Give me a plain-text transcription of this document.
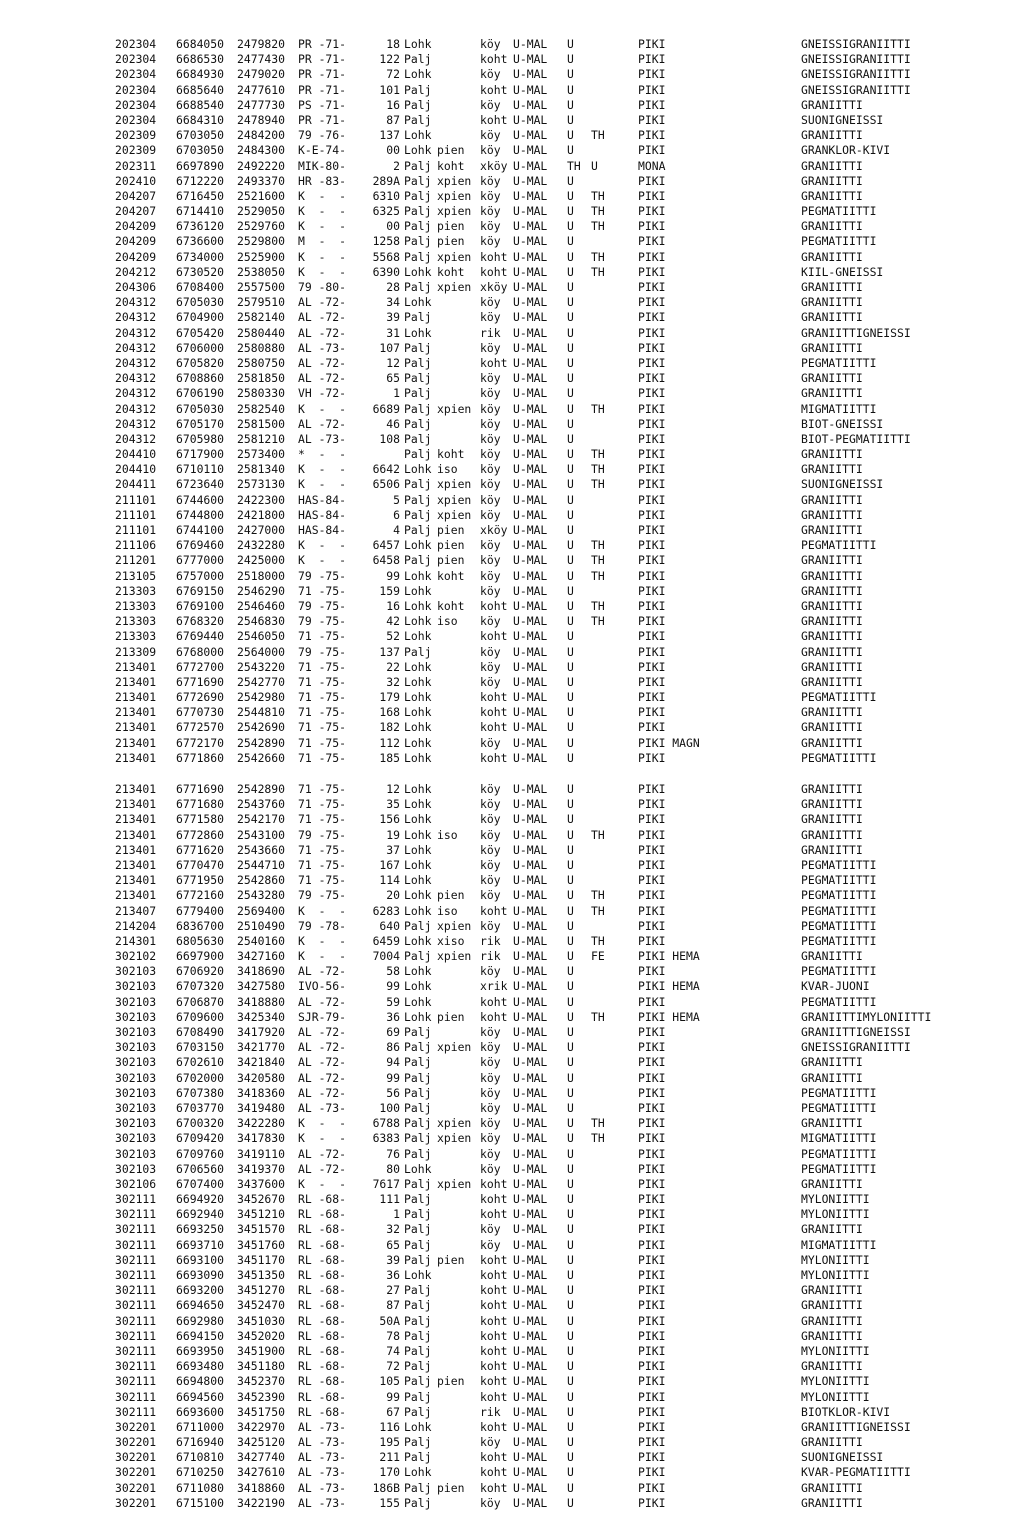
202304 6684050 2479820 PR -71-	18 Lohk	köy U-MAL U	PIKI	GNEISSIGRANIITTI
202304 6686530 2477430 PR -71-	122 Palj	koht U-MAL U	PIKI	GNEISSIGRANIITTI
202304 6684930 2479020 PR -71-	72 Lohk	köy U-MAL U	PIKI	GNEISSIGRANIITTI
202304 6685640 2477610 PR -71-	101 Palj	koht U-MAL U	PIKI	GNEISSIGRANIITTI
202304 6688540 2477730 PS -71-	16 Palj	köy U-MAL U	PIKI	GRANIITTI
202304 6684310 2478940 PR -71-	87 Palj	koht U-MAL U	PIKI	SUONIGNEISSI
202309 6703050 2484200 79 -76-	137 Lohk	köy U-MAL U TH	PIKI	GRANIITTI
202309 6703050 2484300 K-E-74-	00 Lohk pien köy U-MAL U	PIKI	GRANKLOR-KIVI
202311 6697890 2492220 MIK-80-	2 Palj koht xköy U-MAL TH U	MONA	GRANIITTI
202410 6712220 2493370 HR -83-	289A Palj xpien köy U-MAL U	PIKI	GRANIITTI
204207 6716450 2521600 K  -  -	6310 Palj xpien köy U-MAL U TH	PIKI	GRANIITTI
204207 6714410 2529050 K  -  -	6325 Palj xpien köy U-MAL U TH	PIKI	PEGMATIITTI
204209 6736120 2529760 K  -  -	00 Palj pien köy U-MAL U TH	PIKI	GRANIITTI
204209 6736600 2529800 M  -  -	1258 Palj pien köy U-MAL U	PIKI	PEGMATIITTI
204209 6734000 2525900 K  -  -	5568 Palj xpien koht U-MAL U TH	PIKI	GRANIITTI
204212 6730520 2538050 K  -  -	6390 Lohk koht koht U-MAL U TH	PIKI	KIIL-GNEISSI
204306 6708400 2557500 79 -80-	28 Palj xpien xköy U-MAL U	PIKI	GRANIITTI
204312 6705030 2579510 AL -72-	34 Lohk	köy U-MAL U	PIKI	GRANIITTI
204312 6704900 2582140 AL -72-	39 Palj	köy U-MAL U	PIKI	GRANIITTI
204312 6705420 2580440 AL -72-	31 Lohk	rik U-MAL U	PIKI	GRANIITTIGNEISSI
204312 6706000 2580880 AL -73-	107 Palj	köy U-MAL U	PIKI	GRANIITTI
204312 6705820 2580750 AL -72-	12 Palj	koht U-MAL U	PIKI	PEGMATIITTI
204312 6708860 2581850 AL -72-	65 Palj	köy U-MAL U	PIKI	GRANIITTI
204312 6706190 2580330 VH -72-	1 Palj	köy U-MAL U	PIKI	GRANIITTI
204312 6705030 2582540 K  -  -	6689 Palj xpien köy U-MAL U TH	PIKI	MIGMATIITTI
204312 6705170 2581500 AL -72-	46 Palj	köy U-MAL U	PIKI	BIOT-GNEISSI
204312 6705980 2581210 AL -73-	108 Palj	köy U-MAL U	PIKI	BIOT-PEGMATIITTI
204410 6717900 2573400 *  -  -	Palj koht köy U-MAL U TH	PIKI	GRANIITTI
204410 6710110 2581340 K  -  -	6642 Lohk iso köy U-MAL U TH	PIKI	GRANIITTI
204411 6723640 2573130 K  -  -	6506 Palj xpien köy U-MAL U TH	PIKI	SUONIGNEISSI
211101 6744600 2422300 HAS-84-	5 Palj xpien köy U-MAL U	PIKI	GRANIITTI
211101 6744800 2421800 HAS-84-	6 Palj xpien köy U-MAL U	PIKI	GRANIITTI
211101 6744100 2427000 HAS-84-	4 Palj pien xköy U-MAL U	PIKI	GRANIITTI
211106 6769460 2432280 K  -  -	6457 Lohk pien köy U-MAL U TH	PIKI	PEGMATIITTI
211201 6777000 2425000 K  -  -	6458 Palj pien köy U-MAL U TH	PIKI	GRANIITTI
213105 6757000 2518000 79 -75-	99 Lohk koht köy U-MAL U TH	PIKI	GRANIITTI
213303 6769150 2546290 71 -75-	159 Lohk	köy U-MAL U	PIKI	GRANIITTI
213303 6769100 2546460 79 -75-	16 Lohk koht koht U-MAL U TH	PIKI	GRANIITTI
213303 6768320 2546830 79 -75-	42 Lohk iso köy U-MAL U TH	PIKI	GRANIITTI
213303 6769440 2546050 71 -75-	52 Lohk	koht U-MAL U	PIKI	GRANIITTI
213309 6768000 2564000 79 -75-	137 Palj	köy U-MAL U	PIKI	GRANIITTI
213401 6772700 2543220 71 -75-	22 Lohk	köy U-MAL U	PIKI	GRANIITTI
213401 6771690 2542770 71 -75-	32 Lohk	köy U-MAL U	PIKI	GRANIITTI
213401 6772690 2542980 71 -75-	179 Lohk	koht U-MAL U	PIKI	PEGMATIITTI
213401 6770730 2544810 71 -75-	168 Lohk	koht U-MAL U	PIKI	GRANIITTI
213401 6772570 2542690 71 -75-	182 Lohk	koht U-MAL U	PIKI	GRANIITTI
213401 6772170 2542890 71 -75-	112 Lohk	köy U-MAL U	PIKI MAGN	GRANIITTI
213401 6771860 2542660 71 -75-	185 Lohk	koht U-MAL U	PIKI	PEGMATIITTI
213401 6771690 2542890 71 -75-	12 Lohk	köy U-MAL U	PIKI	GRANIITTI
213401 6771680 2543760 71 -75-	35 Lohk	köy U-MAL U	PIKI	GRANIITTI
213401 6771580 2542170 71 -75-	156 Lohk	köy U-MAL U	PIKI	GRANIITTI
213401 6772860 2543100 79 -75-	19 Lohk iso köy U-MAL U TH	PIKI	GRANIITTI
213401 6771620 2543660 71 -75-	37 Lohk	köy U-MAL U	PIKI	GRANIITTI
213401 6770470 2544710 71 -75-	167 Lohk	köy U-MAL U	PIKI	PEGMATIITTI
213401 6771950 2542860 71 -75-	114 Lohk	köy U-MAL U	PIKI	PEGMATIITTI
213401 6772160 2543280 79 -75-	20 Lohk pien köy U-MAL U TH	PIKI	PEGMATIITTI
213407 6779400 2569400 K  -  -	6283 Lohk iso koht U-MAL U TH	PIKI	PEGMATIITTI
214204 6836700 2510490 79 -78-	640 Palj xpien köy U-MAL U	PIKI	PEGMATIITTI
214301 6805630 2540160 K  -  -	6459 Lohk xiso rik U-MAL U TH	PIKI	PEGMATIITTI
302102 6697900 3427160 K  -  -	7004 Palj xpien rik U-MAL U FE	PIKI HEMA	GRANIITTI
302103 6706920 3418690 AL -72-	58 Lohk	köy U-MAL U	PIKI	PEGMATIITTI
302103 6707320 3427580 IVO-56-	99 Lohk	xrik U-MAL U	PIKI HEMA	KVAR-JUONI
302103 6706870 3418880 AL -72-	59 Lohk	koht U-MAL U	PIKI	PEGMATIITTI
302103 6709600 3425340 SJR-79-	36 Lohk pien koht U-MAL U TH	PIKI HEMA	GRANIITTIMYLONIITTI
302103 6708490 3417920 AL -72-	69 Palj	köy U-MAL U	PIKI	GRANIITTIGNEISSI
302103 6703150 3421770 AL -72-	86 Palj xpien köy U-MAL U	PIKI	GNEISSIGRANIITTI
302103 6702610 3421840 AL -72-	94 Palj	köy U-MAL U	PIKI	GRANIITTI
302103 6702000 3420580 AL -72-	99 Palj	köy U-MAL U	PIKI	GRANIITTI
302103 6707380 3418360 AL -72-	56 Palj	köy U-MAL U	PIKI	PEGMATIITTI
302103 6703770 3419480 AL -73-	100 Palj	köy U-MAL U	PIKI	PEGMATIITTI
302103 6700320 3422280 K  -  -	6788 Palj xpien köy U-MAL U TH	PIKI	GRANIITTI
302103 6709420 3417830 K  -  -	6383 Palj xpien köy U-MAL U TH	PIKI	MIGMATIITTI
302103 6709760 3419110 AL -72-	76 Palj	köy U-MAL U	PIKI	PEGMATIITTI
302103 6706560 3419370 AL -72-	80 Lohk	köy U-MAL U	PIKI	PEGMATIITTI
302106 6707400 3437600 K  -  -	7617 Palj xpien koht U-MAL U	PIKI	GRANIITTI
302111 6694920 3452670 RL -68-	111 Palj	koht U-MAL U	PIKI	MYLONIITTI
302111 6692940 3451210 RL -68-	1 Palj	koht U-MAL U	PIKI	MYLONIITTI
302111 6693250 3451570 RL -68-	32 Palj	köy U-MAL U	PIKI	GRANIITTI
302111 6693710 3451760 RL -68-	65 Palj	köy U-MAL U	PIKI	MIGMATIITTI
302111 6693100 3451170 RL -68-	39 Palj pien koht U-MAL U	PIKI	MYLONIITTI
302111 6693090 3451350 RL -68-	36 Lohk	koht U-MAL U	PIKI	MYLONIITTI
302111 6693200 3451270 RL -68-	27 Palj	koht U-MAL U	PIKI	GRANIITTI
302111 6694650 3452470 RL -68-	87 Palj	koht U-MAL U	PIKI	GRANIITTI
302111 6692980 3451030 RL -68-	50A Palj	koht U-MAL U	PIKI	GRANIITTI
302111 6694150 3452020 RL -68-	78 Palj	koht U-MAL U	PIKI	GRANIITTI
302111 6693950 3451900 RL -68-	74 Palj	koht U-MAL U	PIKI	MYLONIITTI
302111 6693480 3451180 RL -68-	72 Palj	koht U-MAL U	PIKI	GRANIITTI
302111 6694800 3452370 RL -68-	105 Palj pien koht U-MAL U	PIKI	MYLONIITTI
302111 6694560 3452390 RL -68-	99 Palj	koht U-MAL U	PIKI	MYLONIITTI
302111 6693600 3451750 RL -68-	67 Palj	rik U-MAL U	PIKI	BIOTKLOR-KIVI
302201 6711000 3422970 AL -73-	116 Lohk	koht U-MAL U	PIKI	GRANIITTIGNEISSI
302201 6716940 3425120 AL -73-	195 Palj	köy U-MAL U	PIKI	GRANIITTI
302201 6710810 3427740 AL -73-	211 Palj	koht U-MAL U	PIKI	SUONIGNEISSI
302201 6710250 3427610 AL -73-	170 Lohk	koht U-MAL U	PIKI	KVAR-PEGMATIITTI
302201 6711080 3418860 AL -73-	186B Palj pien koht U-MAL U	PIKI	GRANIITTI
302201 6715100 3422190 AL -73-	155 Palj	köy U-MAL U	PIKI	GRANIITTI
